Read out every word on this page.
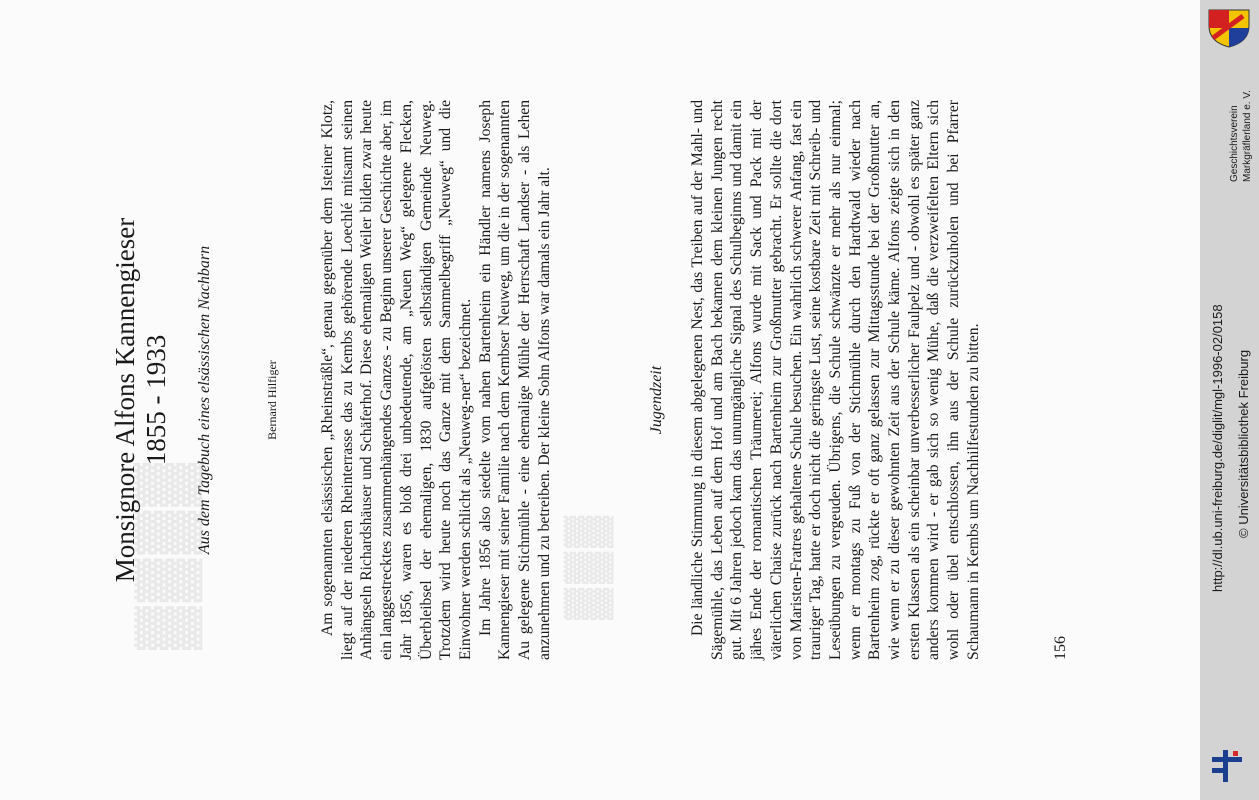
▓▓▓▓	▓▓▓
Monsignore Alfons Kannengieser 1855 - 1933 Aus dem Tagebuch eines elsässischen Nachbarn	Bernard Hilfiger	Am sogenannten elsässischen „Rheinsträßle“, genau gegenüber dem Isteiner Klotz, liegt auf der niederen Rheinterrasse das zu Kembs gehörende Loechlé mitsamt seinen Anhängseln Richardshäuser und Schäferhof. Diese ehemaligen Weiler bilden zwar heute ein langgestrecktes zusammenhängendes Ganzes - zu Beginn unserer Geschichte aber, im Jahr 1856, waren es bloß drei unbedeutende, am „Neuen Weg“ gelegene Flecken, Überbleibsel der ehemaligen, 1830 aufgelösten selbständigen Gemeinde Neuweg. Trotzdem wird heute noch das Ganze mit dem Sammelbegriff „Neuweg“ und die Einwohner werden schlicht als „Neuweg-ner“ bezeichnet. Im Jahre 1856 also siedelte vom nahen Bartenheim ein Händler namens Joseph Kannengieser mit seiner Familie nach dem Kembser Neuweg, um die in der sogenannten Au gelegene Stichmühle - eine ehemalige Mühle der Herrschaft Landser - als Lehen anzunehmen und zu betreiben. Der kleine Sohn Alfons war damals ein Jahr alt.	Jugendzeit Die ländliche Stimmung in diesem abgelegenen Nest, das Treiben auf der Mahl- und Sägemühle, das Leben auf dem Hof und am Bach bekamen dem kleinen Jungen recht gut. Mit 6 Jahren jedoch kam das unumgängliche Signal des Schulbeginns und damit ein jähes Ende der romantischen Träumerei; Alfons wurde mit Sack und Pack mit der väterlichen Chaise zurück nach Bartenheim zur Großmutter gebracht. Er sollte die dort von Maristen-Fratres gehaltene Schule besuchen. Ein wahrlich schwerer Anfang, fast ein trauriger Tag, hatte er doch nicht die geringste Lust, seine kostbare Zeit mit Schreib- und Leseübungen zu vergeuden. Übrigens, die Schule schwänzte er mehr als nur einmal; wenn er montags zu Fuß von der Stichmühle durch den Hardtwald wieder nach Bartenheim zog, rückte er oft ganz gelassen zur Mittagsstunde bei der Großmutter an, wie wenn er zu dieser gewohnten Zeit aus der Schule käme. Alfons zeigte sich in den ersten Klassen als ein scheinbar unverbesserlicher Faulpelz und - obwohl es später ganz anders kommen wird - er gab sich so wenig Mühe, daß die verzweifelten Eltern sich wohl oder übel entschlossen, ihn aus der Schule zurückzuholen und bei Pfarrer Schaumann in Kembs um Nachhilfestunden zu bitten.	156

Geschichtsverein Markgräflerland e. V.
http://dl.ub.uni-freiburg.de/diglit/mgl-1996-02/0158 © Universitätsbibliothek Freiburg
